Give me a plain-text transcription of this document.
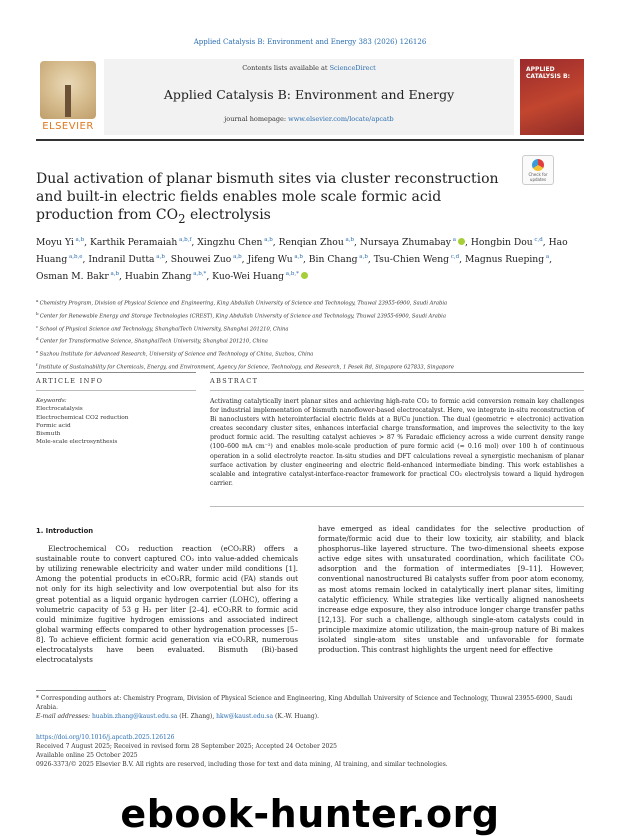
Applied Catalysis B: Environment and Energy 383 (2026) 126126
ELSEVIER
Contents lists available at ScienceDirect
Applied Catalysis B: Environment and Energy
journal homepage: www.elsevier.com/locate/apcatb
APPLIED CATALYSIS B:
Dual activation of planar bismuth sites via cluster reconstruction and built-in electric fields enables mole scale formic acid production from $CO_2$ electrolysis
Check for updates
Moyu Yi $^{a,b}$, Karthik Peramaiah $^{a,b,f}$, Xingzhu Chen $^{a,b}$, Renqian Zhou $^{a,b}$, Nursaya Zhumabay $^a$ , Hongbin Dou $^{c,d}$, Hao Huang $^{a,b,e}$, Indranil Dutta $^{a,b}$, Shouwei Zuo $^{a,b}$, Jifeng Wu $^{a,b}$, Bin Chang $^{a,b}$, Tsu-Chien Weng $^{c,d}$, Magnus Rueping $^a$, Osman M. Bakr $^{a,b}$, Huabin Zhang $^{a,b,*}$, Kuo-Wei Huang $^{a,b,*}$
$^a$ Chemistry Program, Division of Physical Science and Engineering, King Abdullah University of Science and Technology, Thuwal 23955-6900, Saudi Arabia
$^b$ Center for Renewable Energy and Storage Technologies (CREST), King Abdullah University of Science and Technology, Thuwal 23955-6900, Saudi Arabia
$^c$ School of Physical Science and Technology, ShanghaiTech University, Shanghai 201210, China
$^d$ Center for Transformative Science, ShanghaiTech University, Shanghai 201210, China
$^e$ Suzhou Institute for Advanced Research, University of Science and Technology of China, Suzhou, China
$^f$ Institute of Sustainability for Chemicals, Energy, and Environment, Agency for Science, Technology, and Research, 1 Pesek Rd, Singapore 627833, Singapore
ARTICLE INFO	ABSTRACT
Keywords:
Electrocatalysis
Electrochemical CO2 reduction
Formic acid
Bismuth
Mole-scale electrosynthesis
Activating catalytically inert planar sites and achieving high-rate CO₂ to formic acid conversion remain key challenges for industrial implementation of bismuth nanoflower-based electrocatalyst. Here, we integrate in-situ reconstruction of Bi nanoclusters with heterointerfacial electric fields at a Bi/Cu junction. The dual (geometric + electronic) activation creates secondary cluster sites, enhances interfacial charge transformation, and improves the selectivity to the key product formic acid. The resulting catalyst achieves > 87 % Faradaic efficiency across a wide current density range (100–600 mA cm⁻²) and enables mole-scale production of pure formic acid (≈ 0.16 mol) over 100 h of continuous operation in a solid electrolyte reactor. In-situ studies and DFT calculations reveal a synergistic mechanism of planar surface activation by cluster engineering and electric field-enhanced intermediate binding. This work establishes a scalable and integrative catalyst-interface-reactor framework for practical CO₂ electrolysis toward a liquid hydrogen carrier.
1. Introduction

Electrochemical CO₂ reduction reaction (eCO₂RR) offers a sustainable route to convert captured CO₂ into value-added chemicals by utilizing renewable electricity and water under mild conditions [1]. Among the potential products in eCO₂RR, formic acid (FA) stands out not only for its high selectivity and low overpotential but also for its great potential as a liquid organic hydrogen carrier (LOHC), offering a volumetric capacity of 53 g H₂ per liter [2–4]. eCO₂RR to formic acid could minimize fugitive hydrogen emissions and associated indirect global warming effects compared to other hydrogenation processes [5–8]. To achieve efficient formic acid generation via eCO₂RR, numerous electrocatalysts have been evaluated. Bismuth (Bi)-based electrocatalysts

have emerged as ideal candidates for the selective production of formate/formic acid due to their low toxicity, air stability, and black phosphorus–like layered structure. The two-dimensional sheets expose active edge sites with unsaturated coordination, which facilitate CO₂ adsorption and the formation of intermediates [9–11]. However, conventional nanostructured Bi catalysts suffer from poor atom economy, as most atoms remain locked in catalytically inert planar sites, limiting catalytic efficiency. While strategies like vertically aligned nanosheets increase edge exposure, they also introduce longer charge transfer paths [12,13]. For such a challenge, although single-atom catalysts could in principle maximize atomic utilization, the main-group nature of Bi makes isolated single-atom sites unstable and unfavorable for formate production. This contrast highlights the urgent need for effective

* Corresponding authors at: Chemistry Program, Division of Physical Science and Engineering, King Abdullah University of Science and Technology, Thuwal 23955-6900, Saudi Arabia.
E-mail addresses: huabin.zhang@kaust.edu.sa (H. Zhang), hkw@kaust.edu.sa (K.-W. Huang).
https://doi.org/10.1016/j.apcatb.2025.126126
Received 7 August 2025; Received in revised form 28 September 2025; Accepted 24 October 2025
Available online 25 October 2025
0926-3373/© 2025 Elsevier B.V. All rights are reserved, including those for text and data mining, AI training, and similar technologies.
ebook-hunter.org
